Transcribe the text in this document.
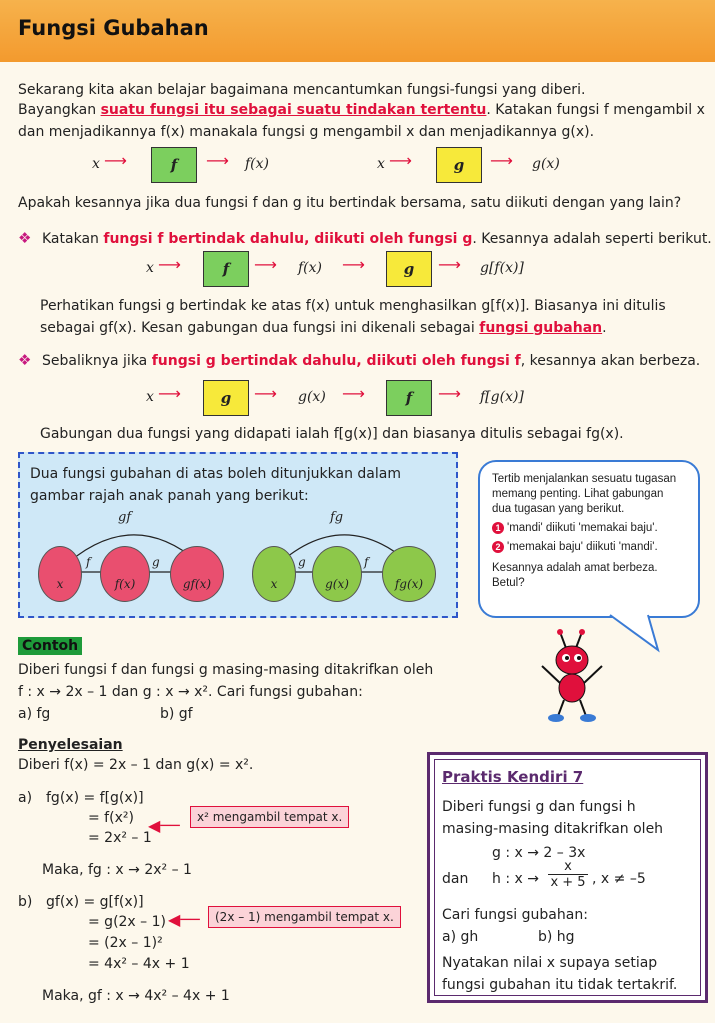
Fungsi Gubahan
Sekarang kita akan belajar bagaimana mencantumkan fungsi-fungsi yang diberi.
Bayangkan suatu fungsi itu sebagai suatu tindakan tertentu. Katakan fungsi f mengambil x
dan menjadikannya f(x) manakala fungsi g mengambil x dan menjadikannya g(x).
x ⟶	f	⟶ f(x)	x ⟶	g	⟶ g(x)
Apakah kesannya jika dua fungsi f dan g itu bertindak bersama, satu diikuti dengan yang lain?
❖ Katakan fungsi f bertindak dahulu, diikuti oleh fungsi g. Kesannya adalah seperti berikut.
x ⟶	f	⟶ f(x) ⟶	g	⟶ g[f(x)]
Perhatikan fungsi g bertindak ke atas f(x) untuk menghasilkan g[f(x)]. Biasanya ini ditulis
sebagai gf(x). Kesan gabungan dua fungsi ini dikenali sebagai fungsi gubahan.
❖ Sebaliknya jika fungsi g bertindak dahulu, diikuti oleh fungsi f, kesannya akan berbeza.
x ⟶	g	⟶ g(x) ⟶	f	⟶ f[g(x)]
Gabungan dua fungsi yang didapati ialah f[g(x)] dan biasanya ditulis sebagai fg(x).
Dua fungsi gubahan di atas boleh ditunjukkan dalam
gambar rajah anak panah yang berikut:
x	f(x)	gf(x)
gf
f	g
x	g(x)	fg(x)
fg
g	f
Tertib menjalankan sesuatu tugasan
memang penting. Lihat gabungan
dua tugasan yang berikut.
1 'mandi' diikuti 'memakai baju'.
2 'memakai baju' diikuti 'mandi'.
Kesannya adalah amat berbeza.
Betul?
Contoh
Diberi fungsi f dan fungsi g masing-masing ditakrifkan oleh
f : x → 2x – 1 dan g : x → x². Cari fungsi gubahan:
a) fg	b) gf
Penyelesaian
Diberi f(x) = 2x – 1 dan g(x) = x².
a) fg(x) = f[g(x)]
= f(x²)
= 2x² – 1
◀──	x² mengambil tempat x.
Maka, fg : x → 2x² – 1
b) gf(x) = g[f(x)]
= g(2x – 1)
= (2x – 1)²
= 4x² – 4x + 1
◀──	(2x – 1) mengambil tempat x.
Maka, gf : x → 4x² – 4x + 1
Praktis Kendiri 7
Diberi fungsi g dan fungsi h
masing-masing ditakrifkan oleh
g : x → 2 – 3x
dan h : $x \to \frac{x}{x + 5}$ , x ≠ –5
Cari fungsi gubahan:
a) gh	b) hg
Nyatakan nilai x supaya setiap
fungsi gubahan itu tidak tertakrif.
